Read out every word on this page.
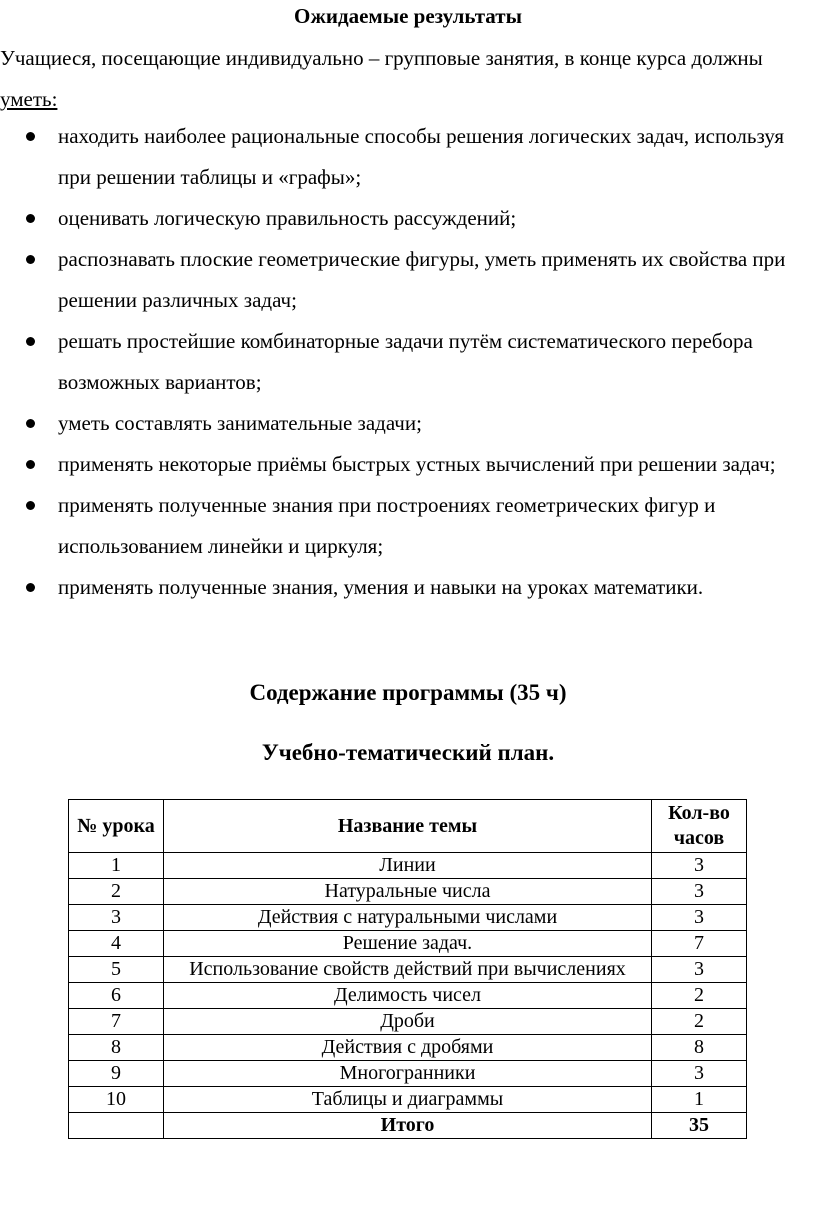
Ожидаемые результаты

Учащиеся, посещающие индивидуально – групповые занятия, в конце курса должны уметь:

находить наиболее рациональные способы решения логических задач, используя при решении таблицы и «графы»;
оценивать логическую правильность рассуждений;
распознавать плоские геометрические фигуры, уметь применять их свойства при решении различных задач;
решать простейшие комбинаторные задачи путём систематического перебора возможных вариантов;
уметь составлять занимательные задачи;
применять некоторые приёмы быстрых устных вычислений при решении задач;
применять полученные знания при построениях геометрических фигур и использованием линейки и циркуля;
применять полученные знания, умения и навыки на уроках математики.
Содержание программы (35 ч)
Учебно-тематический план.
№ урока	Название темы	Кол-во часов
1	Линии	3
2	Натуральные числа	3
3	Действия с натуральными числами	3
4	Решение задач.	7
5	Использование свойств действий при вычислениях	3
6	Делимость чисел	2
7	Дроби	2
8	Действия с дробями	8
9	Многогранники	3
10	Таблицы и диаграммы	1
	Итого	35
